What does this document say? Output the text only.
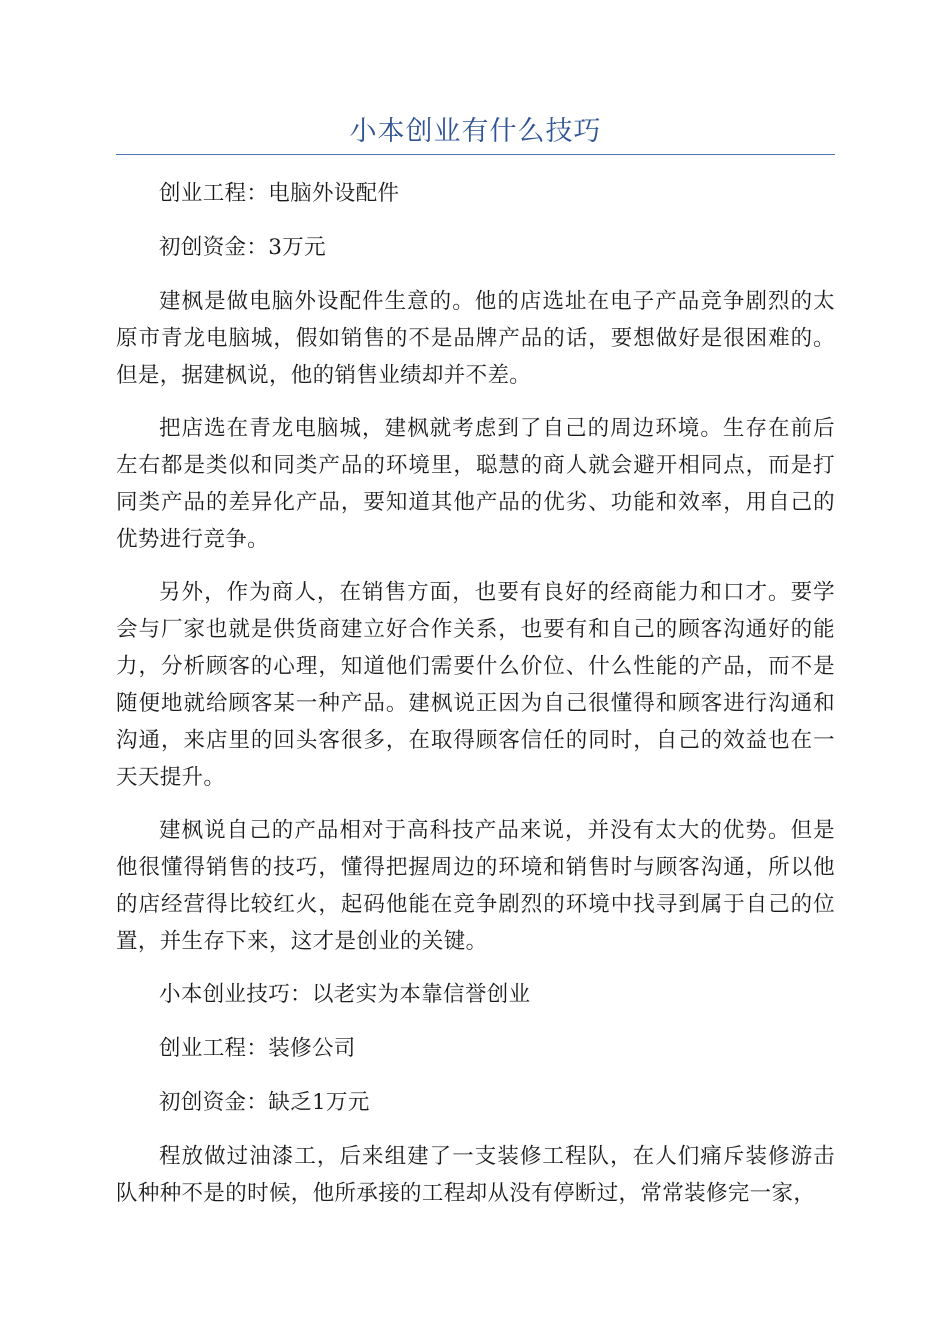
小本创业有什么技巧

创业工程：电脑外设配件

初创资金：3万元

建枫是做电脑外设配件生意的。他的店选址在电子产品竞争剧烈的太原市青龙电脑城，假如销售的不是品牌产品的话，要想做好是很困难的。但是，据建枫说，他的销售业绩却并不差。

把店选在青龙电脑城，建枫就考虑到了自己的周边环境。生存在前后左右都是类似和同类产品的环境里，聪慧的商人就会避开相同点，而是打同类产品的差异化产品，要知道其他产品的优劣、功能和效率，用自己的优势进行竞争。

另外，作为商人，在销售方面，也要有良好的经商能力和口才。要学会与厂家也就是供货商建立好合作关系，也要有和自己的顾客沟通好的能力，分析顾客的心理，知道他们需要什么价位、什么性能的产品，而不是随便地就给顾客某一种产品。建枫说正因为自己很懂得和顾客进行沟通和沟通，来店里的回头客很多，在取得顾客信任的同时，自己的效益也在一天天提升。

建枫说自己的产品相对于高科技产品来说，并没有太大的优势。但是他很懂得销售的技巧，懂得把握周边的环境和销售时与顾客沟通，所以他的店经营得比较红火，起码他能在竞争剧烈的环境中找寻到属于自己的位置，并生存下来，这才是创业的关键。

小本创业技巧：以老实为本靠信誉创业

创业工程：装修公司

初创资金：缺乏1万元

程放做过油漆工，后来组建了一支装修工程队，在人们痛斥装修游击队种种不是的时候，他所承接的工程却从没有停断过，常常装修完一家，
